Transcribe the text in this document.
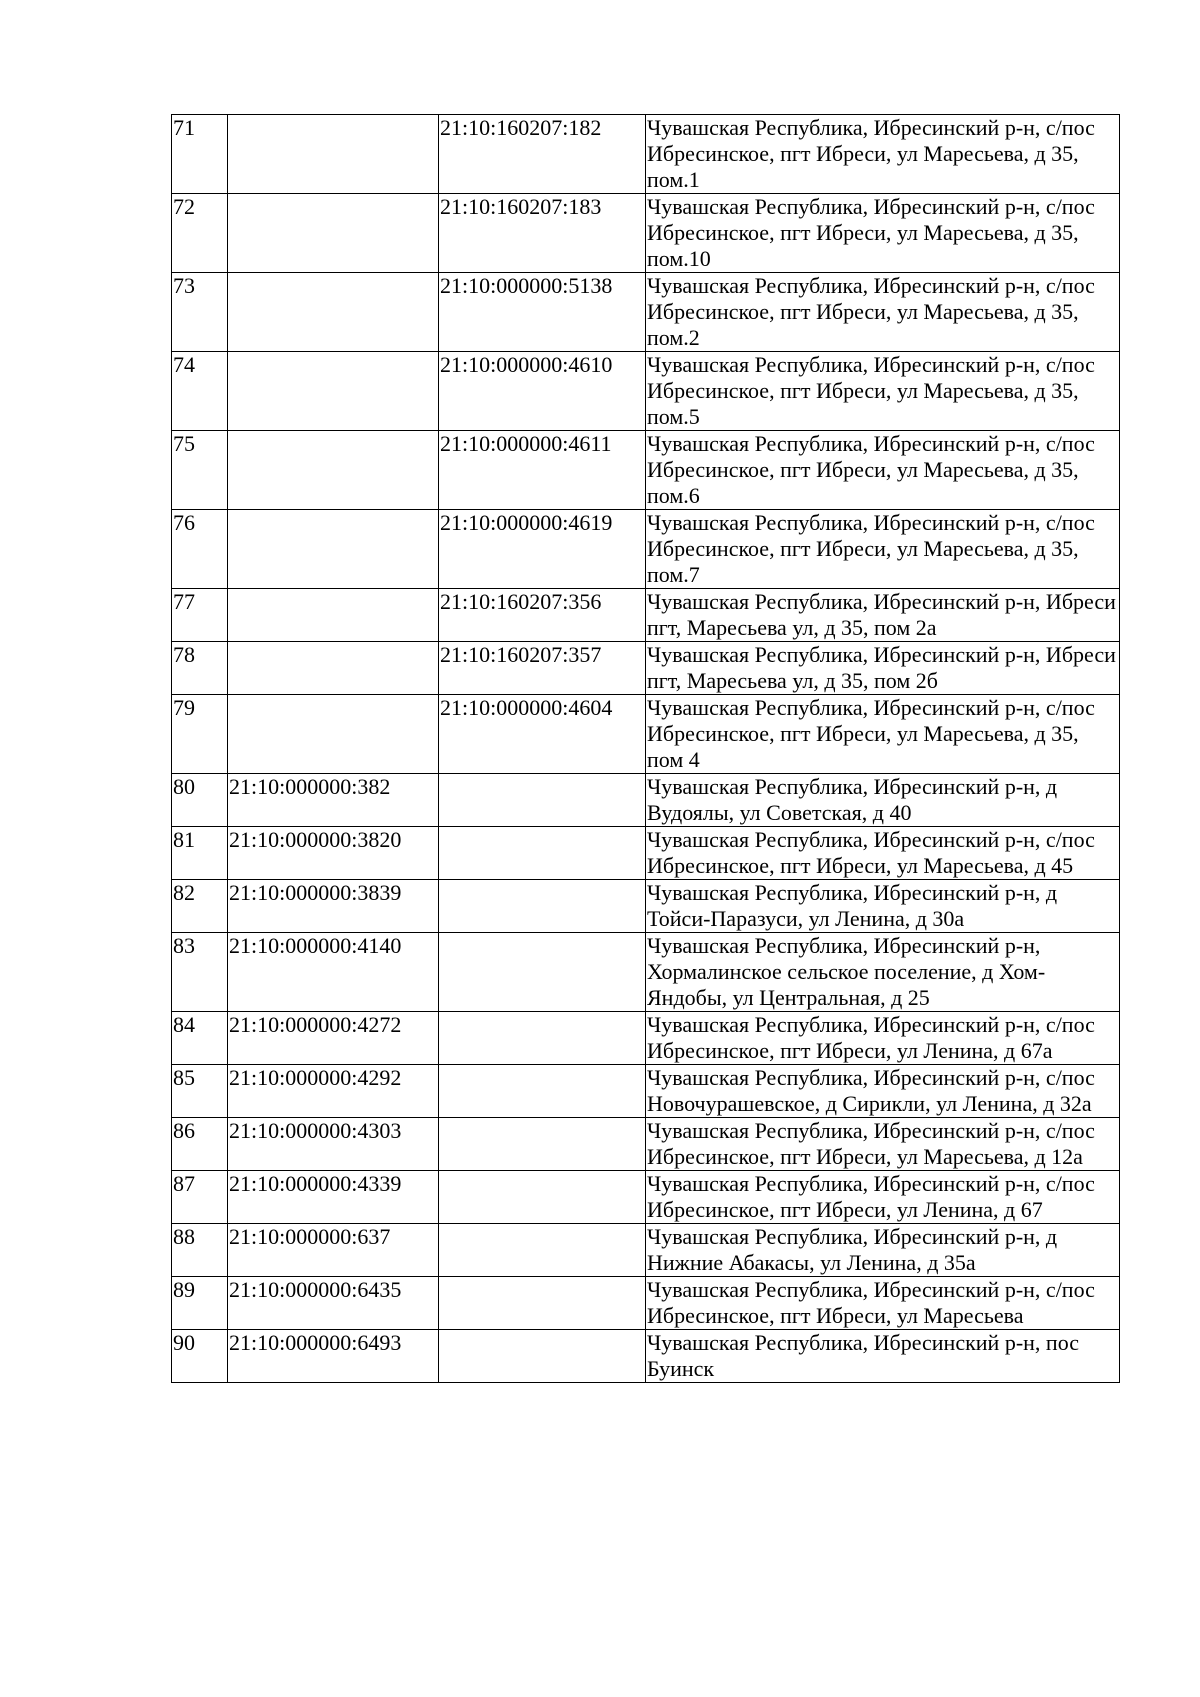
71		21:10:160207:182	Чувашская Республика, Ибресинский р-н, с/пос Ибресинское, пгт Ибреси, ул Маресьева, д 35, пом.1
72		21:10:160207:183	Чувашская Республика, Ибресинский р-н, с/пос Ибресинское, пгт Ибреси, ул Маресьева, д 35, пом.10
73		21:10:000000:5138	Чувашская Республика, Ибресинский р-н, с/пос Ибресинское, пгт Ибреси, ул Маресьева, д 35, пом.2
74		21:10:000000:4610	Чувашская Республика, Ибресинский р-н, с/пос Ибресинское, пгт Ибреси, ул Маресьева, д 35, пом.5
75		21:10:000000:4611	Чувашская Республика, Ибресинский р-н, с/пос Ибресинское, пгт Ибреси, ул Маресьева, д 35, пом.6
76		21:10:000000:4619	Чувашская Республика, Ибресинский р-н, с/пос Ибресинское, пгт Ибреси, ул Маресьева, д 35, пом.7
77		21:10:160207:356	Чувашская Республика, Ибресинский р-н, Ибреси пгт, Маресьева ул, д 35, пом 2а
78		21:10:160207:357	Чувашская Республика, Ибресинский р-н, Ибреси пгт, Маресьева ул, д 35, пом 2б
79		21:10:000000:4604	Чувашская Республика, Ибресинский р-н, с/пос Ибресинское, пгт Ибреси, ул Маресьева, д 35, пом 4
80	21:10:000000:382		Чувашская Республика, Ибресинский р-н, д Вудоялы, ул Советская, д 40
81	21:10:000000:3820		Чувашская Республика, Ибресинский р-н, с/пос Ибресинское, пгт Ибреси, ул Маресьева, д 45
82	21:10:000000:3839		Чувашская Республика, Ибресинский р-н, д Тойси-Паразуси, ул Ленина, д 30а
83	21:10:000000:4140		Чувашская Республика, Ибресинский р-н, Хормалинское сельское поселение, д Хом-Яндобы, ул Центральная, д 25
84	21:10:000000:4272		Чувашская Республика, Ибресинский р-н, с/пос Ибресинское, пгт Ибреси, ул Ленина, д 67а
85	21:10:000000:4292		Чувашская Республика, Ибресинский р-н, с/пос Новочурашевское, д Сирикли, ул Ленина, д 32а
86	21:10:000000:4303		Чувашская Республика, Ибресинский р-н, с/пос Ибресинское, пгт Ибреси, ул Маресьева, д 12а
87	21:10:000000:4339		Чувашская Республика, Ибресинский р-н, с/пос Ибресинское, пгт Ибреси, ул Ленина, д 67
88	21:10:000000:637		Чувашская Республика, Ибресинский р-н, д Нижние Абакасы, ул Ленина, д 35а
89	21:10:000000:6435		Чувашская Республика, Ибресинский р-н, с/пос Ибресинское, пгт Ибреси, ул Маресьева
90	21:10:000000:6493		Чувашская Республика, Ибресинский р-н, пос Буинск
